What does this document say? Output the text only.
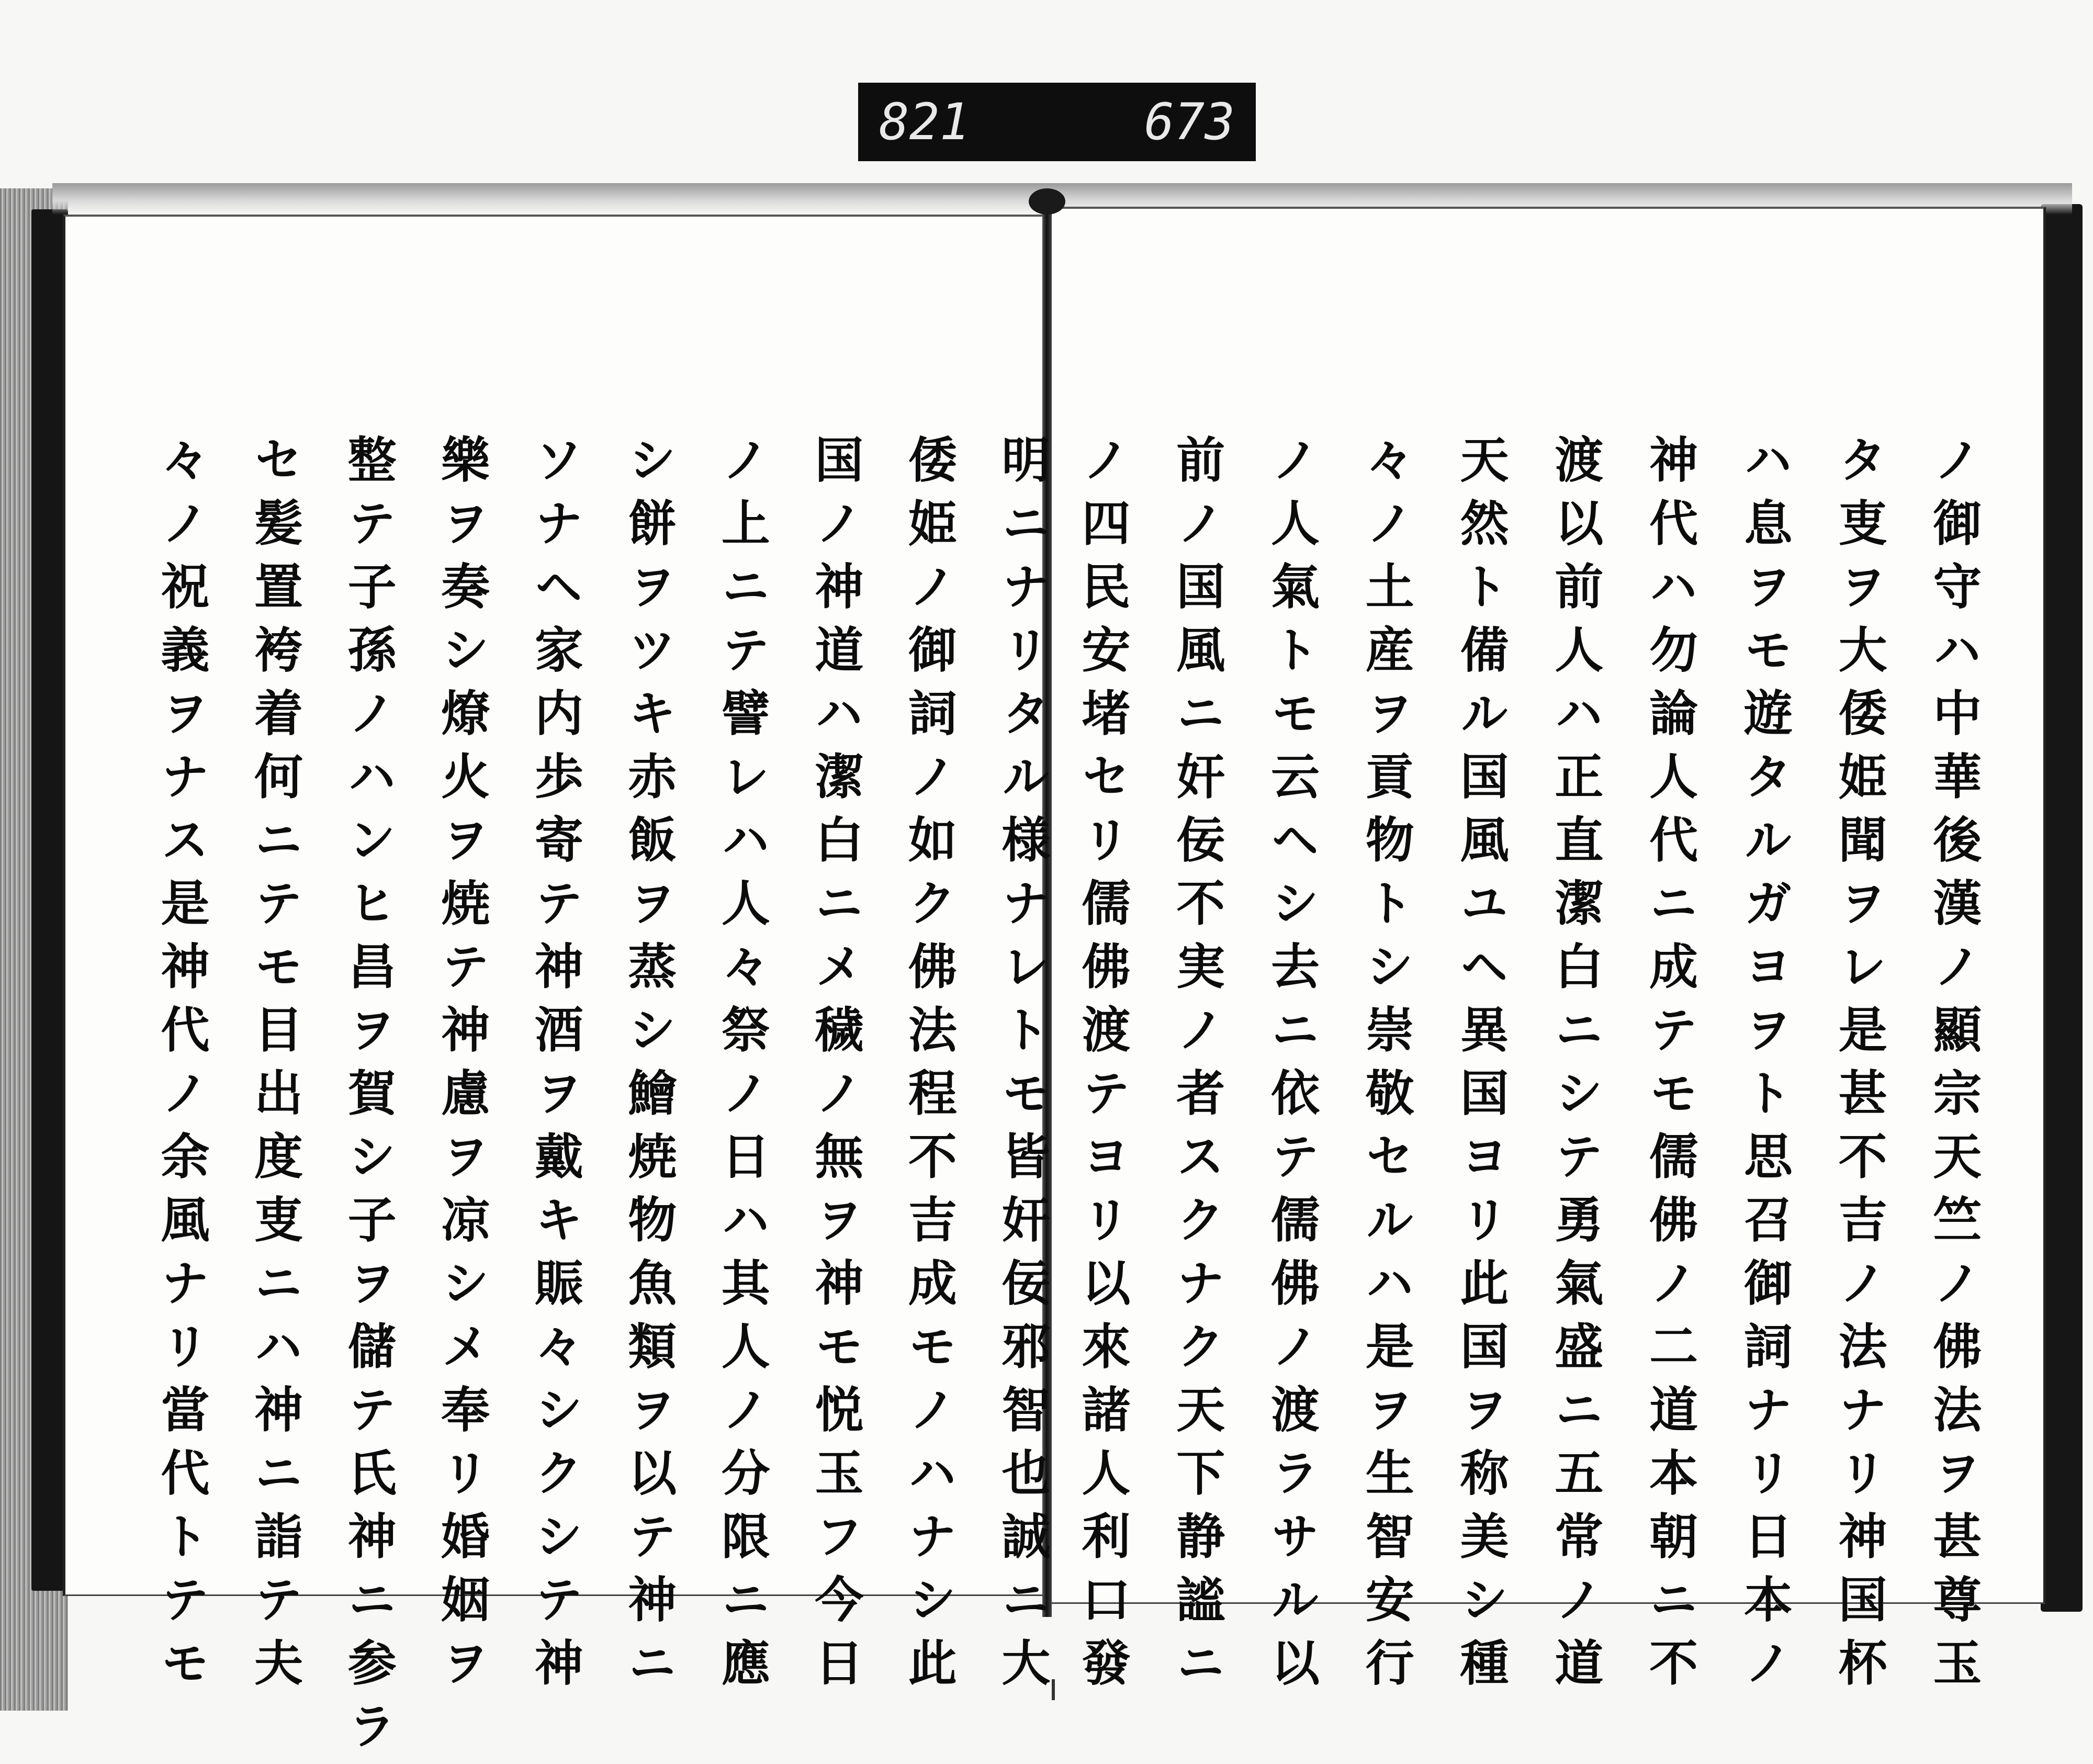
821	673
ノ御守ハ中華後漢ノ顯宗天竺ノ佛法ヲ甚尊玉
タ叓ヲ大倭姫聞ヲレ是甚不吉ノ法ナリ神国杯
ハ息ヲモ遊タルガヨヲト思召御詞ナリ日本ノ
神代ハ勿論人代ニ成テモ儒佛ノ二道本朝ニ不
渡以前人ハ正直潔白ニシテ勇氣盛ニ五常ノ道
天然ト備ル国風ユヘ異国ヨリ此国ヲ称美シ種
々ノ土産ヲ貢物トシ崇敬セルハ是ヲ生智安行
ノ人氣トモ云ヘシ去ニ依テ儒佛ノ渡ラサル以
前ノ国風ニ奸佞不実ノ者スクナク天下静謐ニ
ノ四民安堵セリ儒佛渡テヨリ以來諸人利口發
明ニナリタル様ナレトモ皆奸佞邪智也誠ニ大
倭姫ノ御詞ノ如ク佛法程不吉成モノハナシ此
国ノ神道ハ潔白ニメ穢ノ無ヲ神モ悦玉フ今日
ノ上ニテ譬レハ人々祭ノ日ハ其人ノ分限ニ應
シ餅ヲツキ赤飯ヲ蒸シ鱠焼物魚類ヲ以テ神ニ
ソナヘ家内歩寄テ神酒ヲ戴キ賑々シクシテ神
樂ヲ奏シ燎火ヲ焼テ神慮ヲ凉シメ奉リ婚姻ヲ
整テ子孫ノハンヒ昌ヲ賀シ子ヲ儲テ氏神ニ参ラ
セ髪置袴着何ニテモ目出度叓ニハ神ニ詣テ夫
々ノ祝義ヲナス是神代ノ余風ナリ當代トテモ
